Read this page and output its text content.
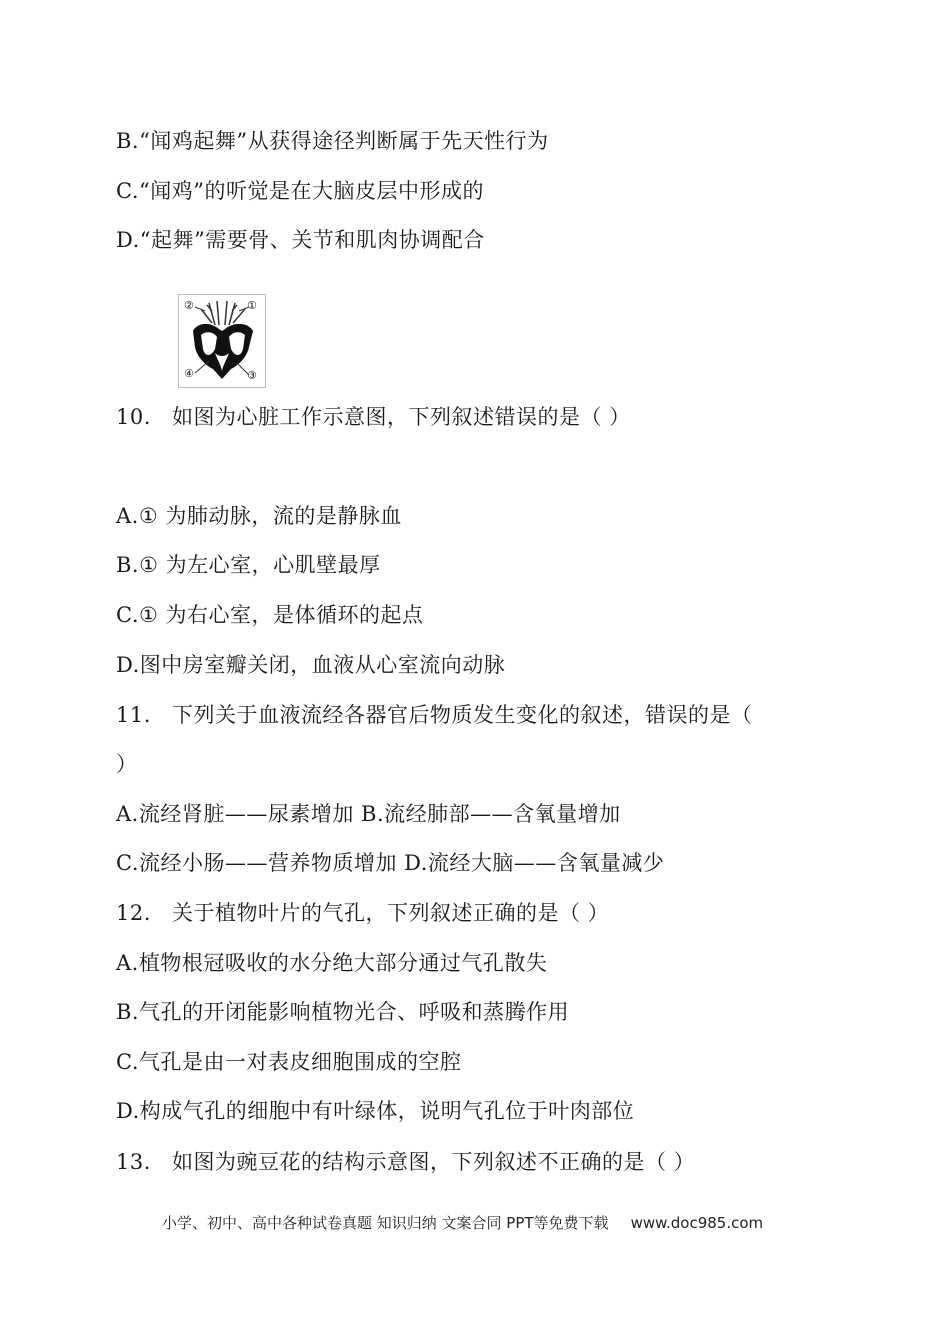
B.“闻鸡起舞”从获得途径判断属于先天性行为
C.“闻鸡”的听觉是在大脑皮层中形成的
D.“起舞”需要骨、关节和肌肉协调配合
②	①
④	③
10. 如图为心脏工作示意图，下列叙述错误的是（ ）
A.① 为肺动脉，流的是静脉血
B.① 为左心室，心肌壁最厚
C.① 为右心室，是体循环的起点
D.图中房室瓣关闭，血液从心室流向动脉
11. 下列关于血液流经各器官后物质发生变化的叙述，错误的是（
）
A.流经肾脏——尿素增加 B.流经肺部——含氧量增加
C.流经小肠——营养物质增加 D.流经大脑——含氧量减少
12. 关于植物叶片的气孔，下列叙述正确的是（ ）
A.植物根冠吸收的水分绝大部分通过气孔散失
B.气孔的开闭能影响植物光合、呼吸和蒸腾作用
C.气孔是由一对表皮细胞围成的空腔
D.构成气孔的细胞中有叶绿体，说明气孔位于叶肉部位
13. 如图为豌豆花的结构示意图，下列叙述不正确的是（ ）
小学、初中、高中各种试卷真题 知识归纳 文案合同 PPT等免费下载 www.doc985.com
